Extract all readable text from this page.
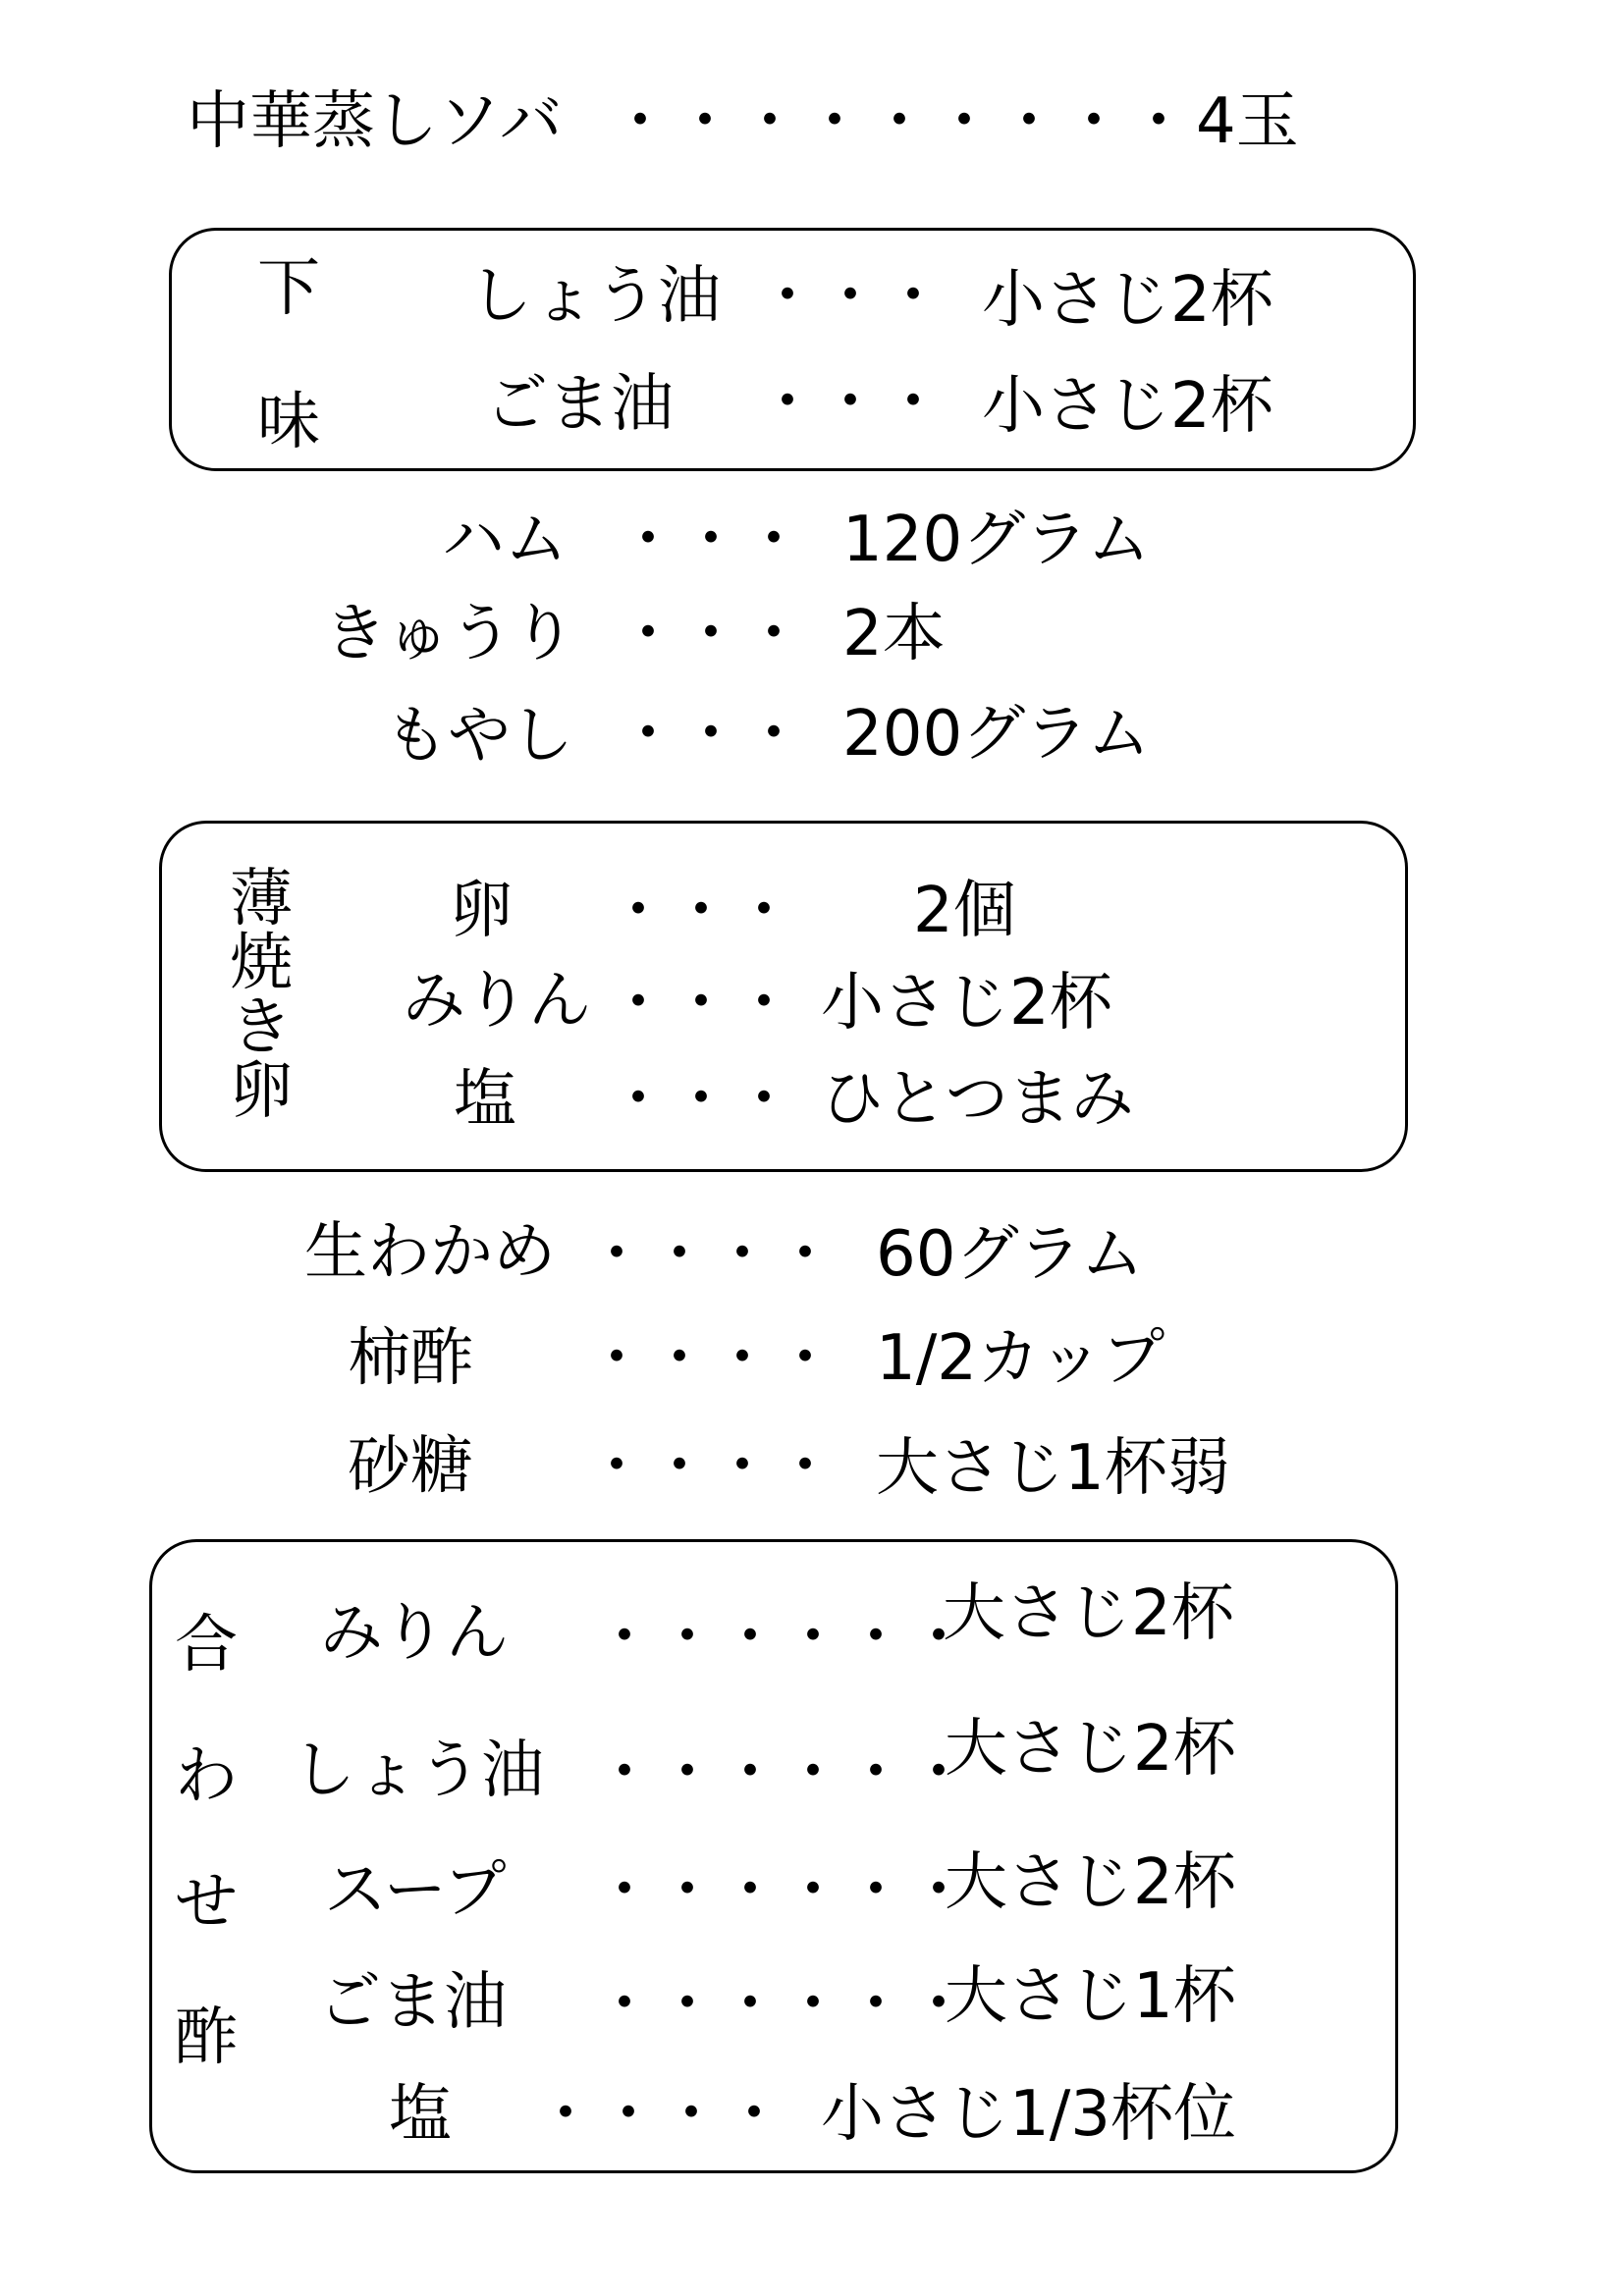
中華蒸しソバ ・・・・・・・・・ 4玉
下
味
しょう油 ・・・ 小さじ2杯
ごま油 ・・・ 小さじ2杯
ハム ・・・ 120グラム
きゅうり ・・・ 2本
もやし ・・・ 200グラム
薄焼き卵
卵 ・・・ 2個
みりん ・・・ 小さじ2杯
塩 ・・・ ひとつまみ
生わかめ ・・・・ 60グラム
柿酢 ・・・・ 1/2カップ
砂糖 ・・・・ 大さじ1杯弱
合
わ
せ
酢
みりん ・・・・・・
大さじ2杯
しょう油 ・・・・・・
大さじ2杯
スープ ・・・・・・
大さじ2杯
ごま油 ・・・・・・
大さじ1杯
塩 ・・・・ 小さじ1/3杯位
